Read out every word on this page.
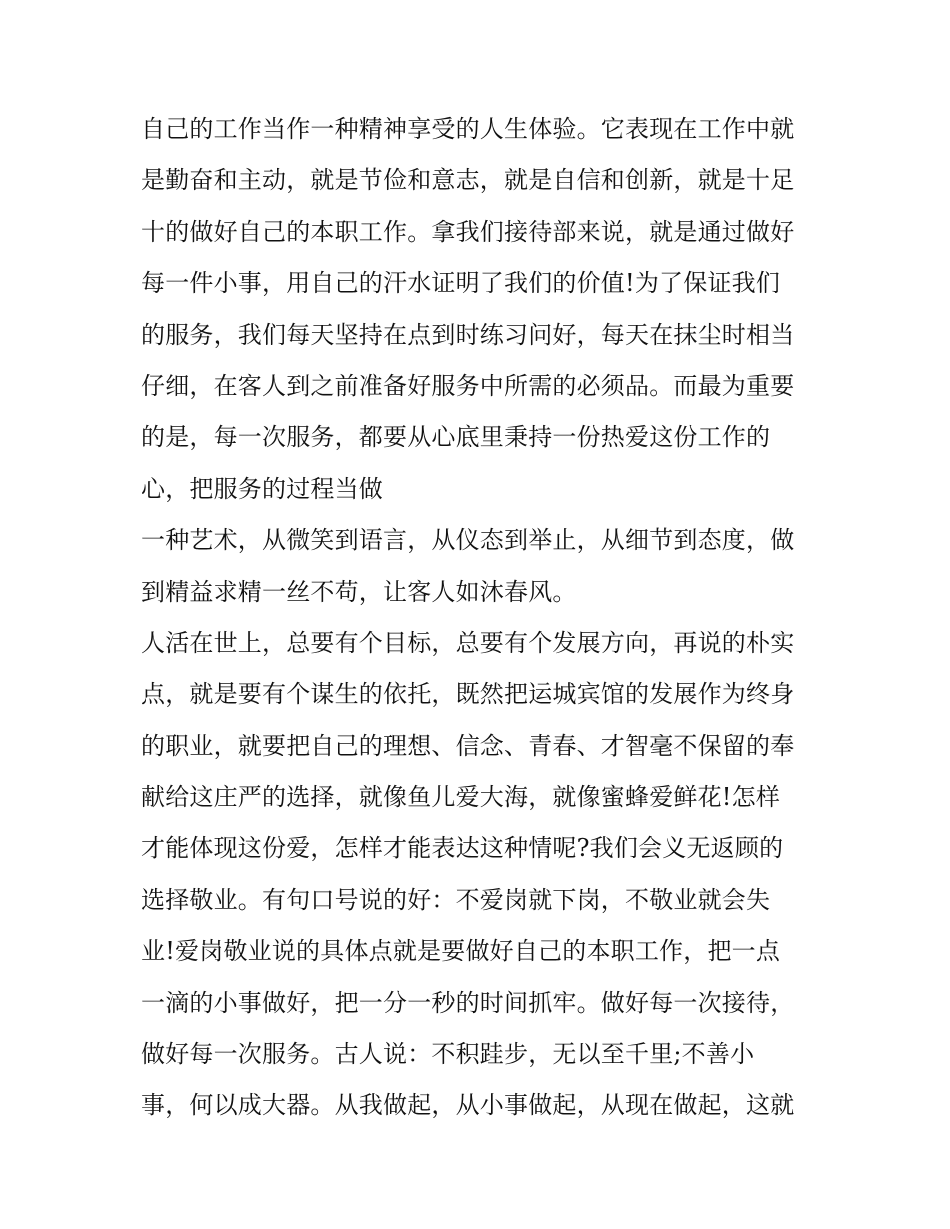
自己的工作当作一种精神享受的人生体验。它表现在工作中就
是勤奋和主动，就是节俭和意志，就是自信和创新，就是十足
十的做好自己的本职工作。拿我们接待部来说，就是通过做好
每一件小事，用自己的汗水证明了我们的价值!为了保证我们
的服务，我们每天坚持在点到时练习问好，每天在抹尘时相当
仔细，在客人到之前准备好服务中所需的必须品。而最为重要
的是，每一次服务，都要从心底里秉持一份热爱这份工作的
心，把服务的过程当做
一种艺术，从微笑到语言，从仪态到举止，从细节到态度，做
到精益求精一丝不苟，让客人如沐春风。
人活在世上，总要有个目标，总要有个发展方向，再说的朴实
点，就是要有个谋生的依托，既然把运城宾馆的发展作为终身
的职业，就要把自己的理想、信念、青春、才智毫不保留的奉
献给这庄严的选择，就像鱼儿爱大海，就像蜜蜂爱鲜花!怎样
才能体现这份爱，怎样才能表达这种情呢?我们会义无返顾的
选择敬业。有句口号说的好：不爱岗就下岗，不敬业就会失
业!爱岗敬业说的具体点就是要做好自己的本职工作，把一点
一滴的小事做好，把一分一秒的时间抓牢。做好每一次接待，
做好每一次服务。古人说：不积跬步，无以至千里;不善小
事，何以成大器。从我做起，从小事做起，从现在做起，这就
